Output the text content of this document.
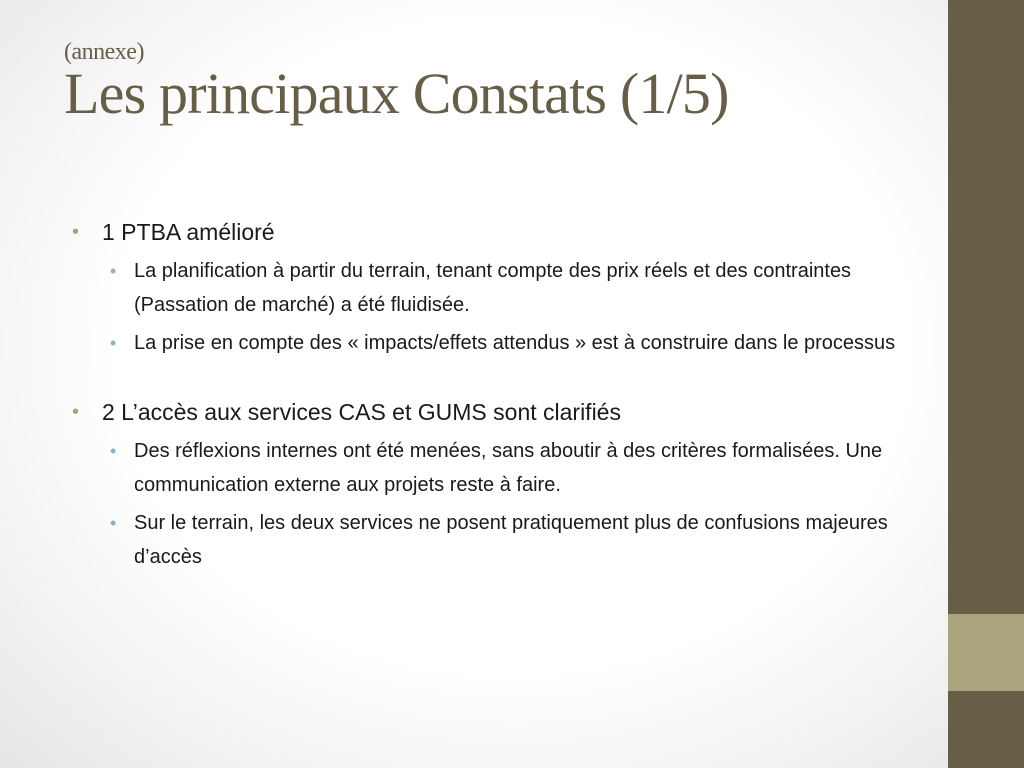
(annexe)
Les principaux Constats (1/5)
• 1 PTBA amélioré
• La planification à partir du terrain, tenant compte des prix réels et des contraintes (Passation de marché) a été fluidisée.
• La prise en compte des « impacts/effets attendus » est à construire dans le processus
• 2 L’accès aux services CAS et GUMS sont clarifiés
• Des réflexions internes ont été menées, sans aboutir à des critères formalisées. Une communication externe aux projets reste à faire.
• Sur le terrain, les deux services ne posent pratiquement plus de confusions majeures d’accès
